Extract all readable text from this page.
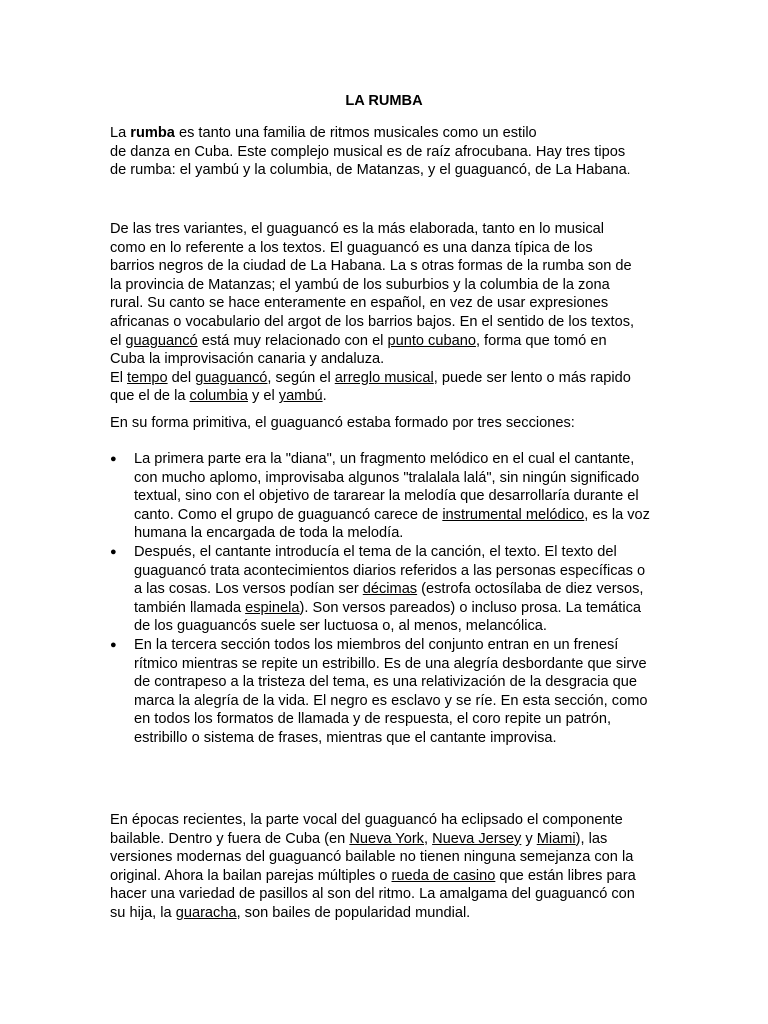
LA RUMBA

La rumba es tanto una familia de ritmos musicales como un estilo
de danza en Cuba. Este complejo musical es de raíz afrocubana. Hay tres tipos de rumba: el yambú y la columbia, de Matanzas, y el guaguancó, de La Habana.

De las tres variantes, el guaguancó es la más elaborada, tanto en lo musical como en lo referente a los textos. El guaguancó es una danza típica de los barrios negros de la ciudad de La Habana. La s otras formas de la rumba son de la provincia de Matanzas; el yambú de los suburbios y la columbia de la zona rural. Su canto se hace enteramente en español, en vez de usar expresiones africanas o vocabulario del argot de los barrios bajos. En el sentido de los textos, el guaguancó está muy relacionado con el punto cubano, forma que tomó en Cuba la improvisación canaria y andaluza.
El tempo del guaguancó, según el arreglo musical, puede ser lento o más rapido que el de la columbia y el yambú.

En su forma primitiva, el guaguancó estaba formado por tres secciones:

●	La primera parte era la "diana", un fragmento melódico en el cual el cantante, con mucho aplomo, improvisaba algunos "tralalala lalá", sin ningún significado textual, sino con el objetivo de tararear la melodía que desarrollaría durante el canto. Como el grupo de guaguancó carece de instrumental melódico, es la voz humana la encargada de toda la melodía.
●	Después, el cantante introducía el tema de la canción, el texto. El texto del guaguancó trata acontecimientos diarios referidos a las personas específicas o a las cosas. Los versos podían ser décimas (estrofa octosílaba de diez versos, también llamada espinela). Son versos pareados) o incluso prosa. La temática de los guaguancós suele ser luctuosa o, al menos, melancólica.
●	En la tercera sección todos los miembros del conjunto entran en un frenesí rítmico mientras se repite un estribillo. Es de una alegría desbordante que sirve de contrapeso a la tristeza del tema, es una relativización de la desgracia que marca la alegría de la vida. El negro es esclavo y se ríe. En esta sección, como en todos los formatos de llamada y de respuesta, el coro repite un patrón, estribillo o sistema de frases, mientras que el cantante improvisa.

En épocas recientes, la parte vocal del guaguancó ha eclipsado el componente bailable. Dentro y fuera de Cuba (en Nueva York, Nueva Jersey y Miami), las versiones modernas del guaguancó bailable no tienen ninguna semejanza con la original. Ahora la bailan parejas múltiples o rueda de casino que están libres para hacer una variedad de pasillos al son del ritmo. La amalgama del guaguancó con su hija, la guaracha, son bailes de popularidad mundial.
